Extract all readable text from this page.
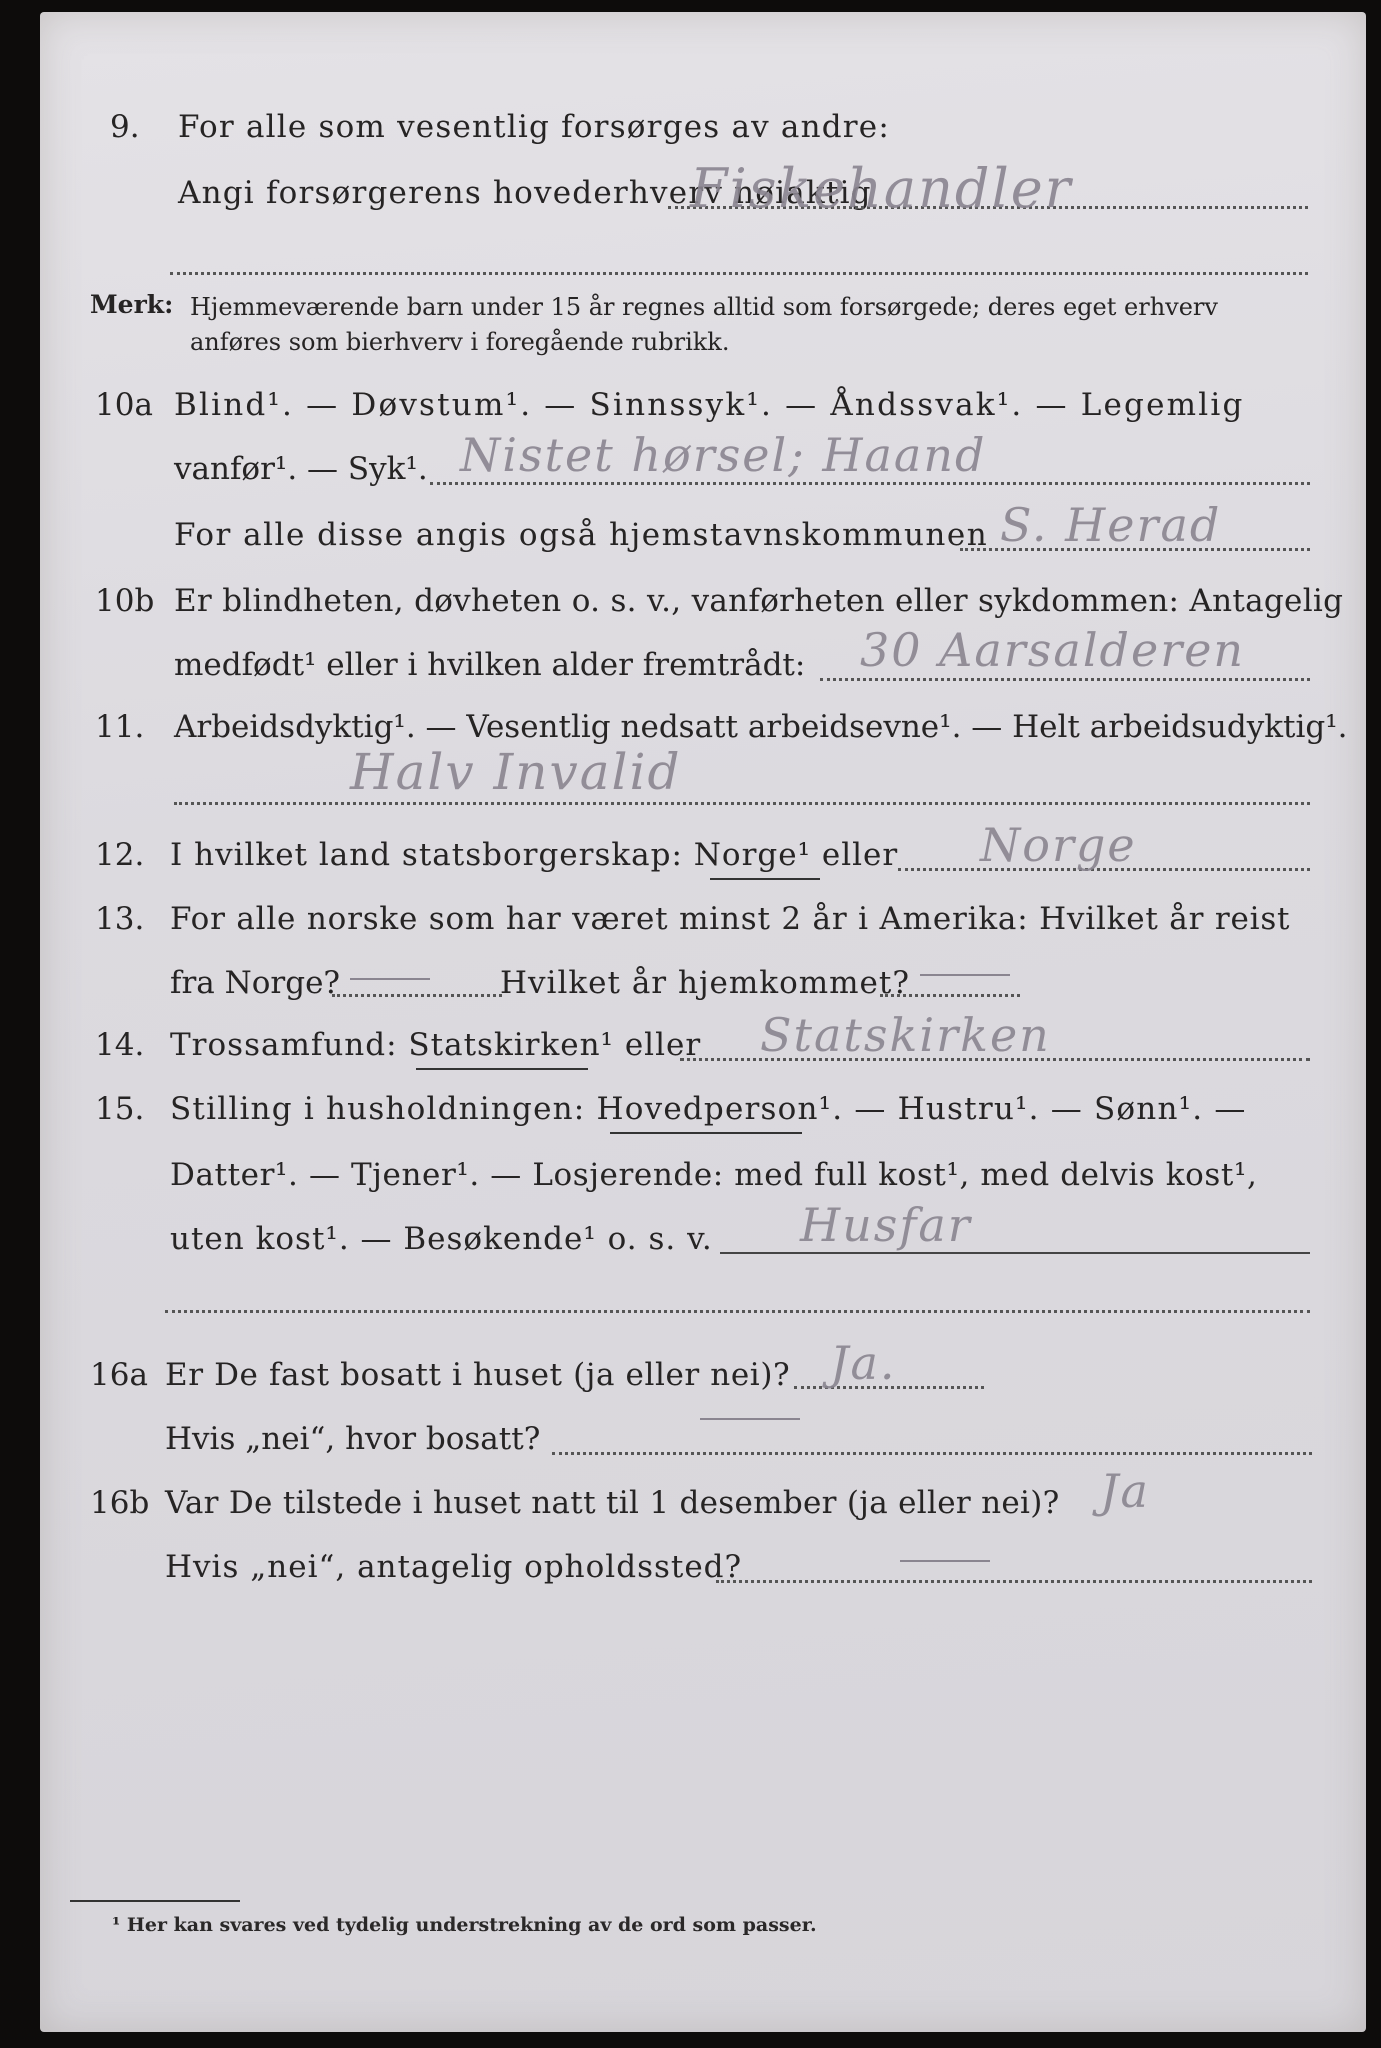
9. For alle som vesentlig forsørges av andre:
Angi forsørgerens hovederhverv nøiaktig
Fiskehandler
Merk: Hjemmeværende barn under 15 år regnes alltid som forsørgede; deres eget erhverv
anføres som bierhverv i foregående rubrikk.
10a Blind¹. — Døvstum¹. — Sinnssyk¹. — Åndssvak¹. — Legemlig
vanfør¹. — Syk¹. Nistet hørsel; Haand
For alle disse angis også hjemstavnskommunen S. Herad
10b Er blindheten, døvheten o. s. v., vanførheten eller sykdommen: Antagelig
medfødt¹ eller i hvilken alder fremtrådt: 30 Aarsalderen
11. Arbeidsdyktig¹. — Vesentlig nedsatt arbeidsevne¹. — Helt arbeidsudyktig¹.
Halv Invalid
12. I hvilket land statsborgerskap: Norge¹ eller Norge
13. For alle norske som har været minst 2 år i Amerika: Hvilket år reist
fra Norge?	Hvilket år hjemkommet?
14. Trossamfund: Statskirken¹ eller Statskirken
15. Stilling i husholdningen: Hovedperson¹. — Hustru¹. — Sønn¹. —
Datter¹. — Tjener¹. — Losjerende: med full kost¹, med delvis kost¹,
uten kost¹. — Besøkende¹ o. s. v. Husfar
16a Er De fast bosatt i huset (ja eller nei)? Ja.
Hvis „nei“, hvor bosatt?
16b Var De tilstede i huset natt til 1 desember (ja eller nei)? Ja
Hvis „nei“, antagelig opholdssted?
¹ Her kan svares ved tydelig understrekning av de ord som passer.
